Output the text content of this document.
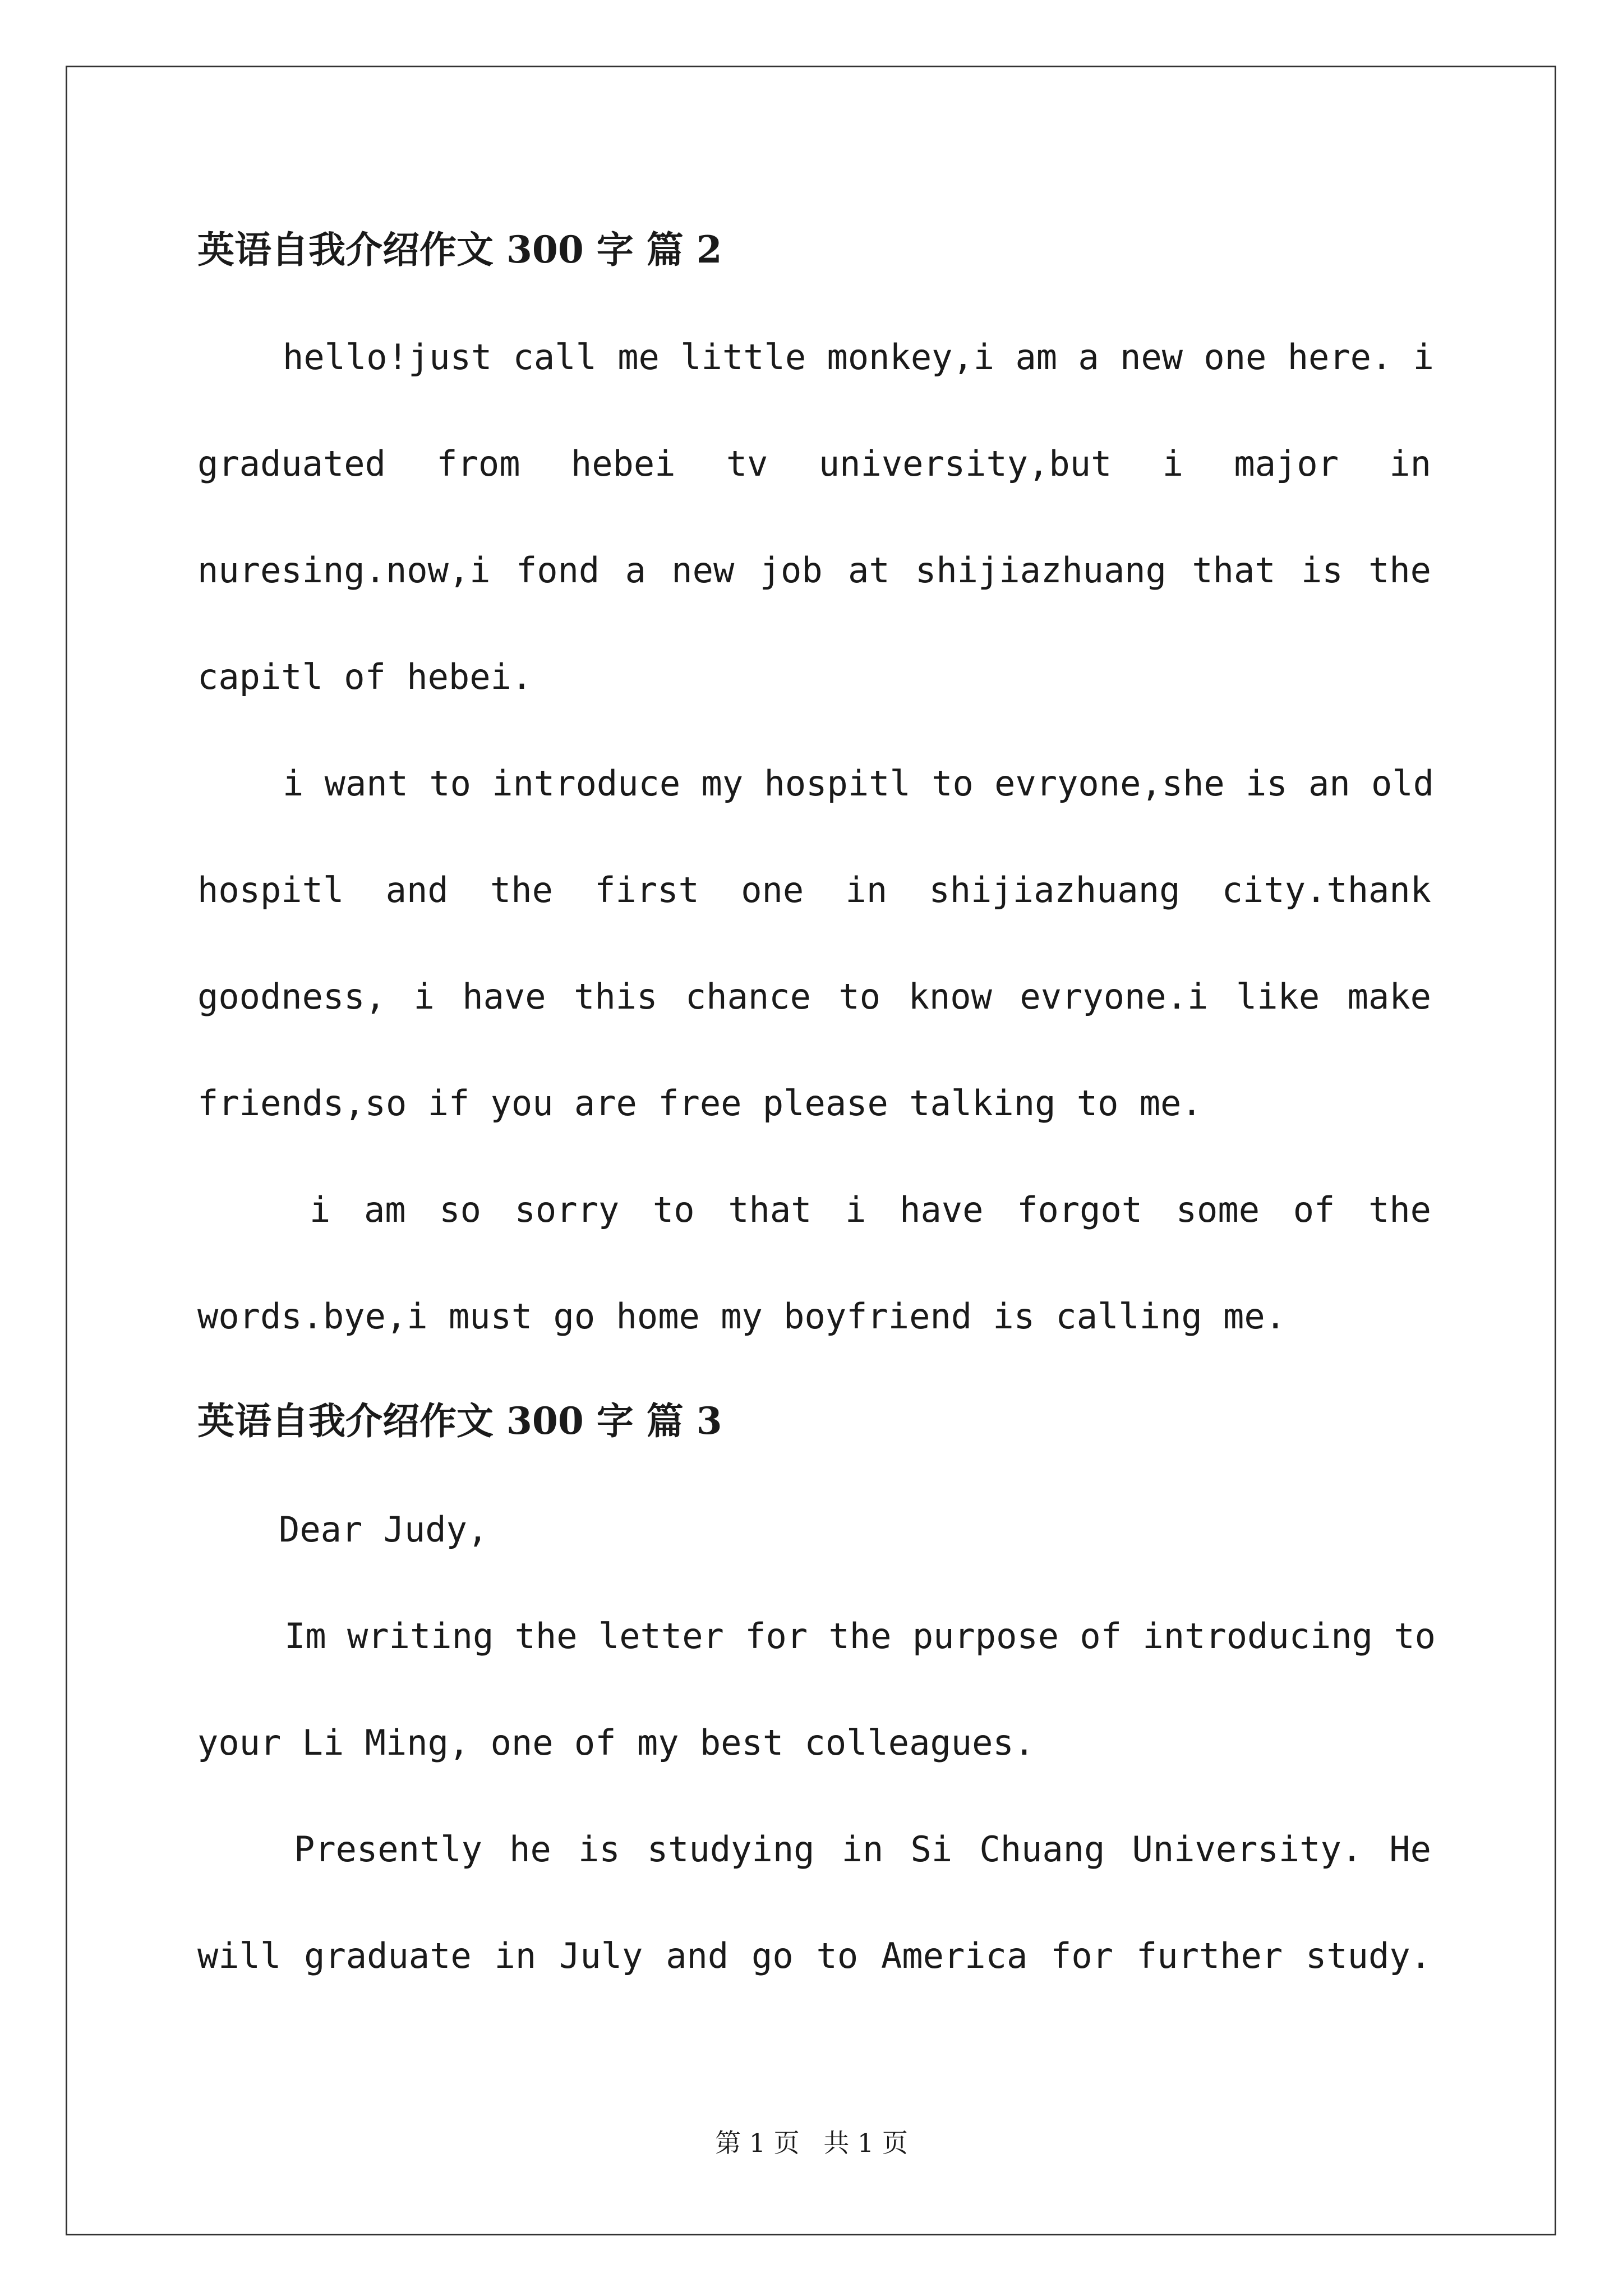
英语自我介绍作文 300 字 篇 2

hello!just call me little monkey,i am a new one here. i

graduated from hebei tv university,but i major in

nuresing.now,i fond a new job at shijiazhuang that is the

capitl of hebei.

i want to introduce my hospitl to evryone,she is an old

hospitl and the first one in shijiazhuang city.thank

goodness, i have this chance to know evryone.i like make

friends,so if you are free please talking to me.

i am so sorry to that i have forgot some of the

words.bye,i must go home my boyfriend is calling me.

英语自我介绍作文 300 字 篇 3

Dear Judy,

Im writing the letter for the purpose of introducing to

your Li Ming, one of my best colleagues.

Presently he is studying in Si Chuang University. He

will graduate in July and go to America for further study.

第 1 页 共 1 页
